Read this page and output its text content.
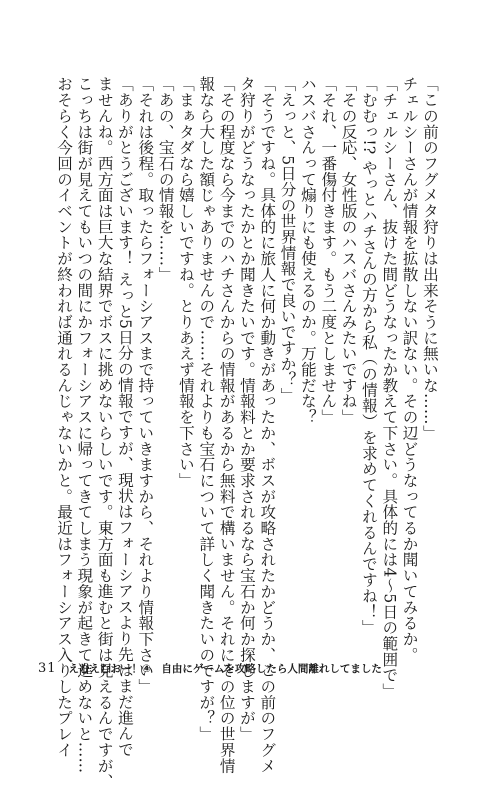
「この前のフグメタ狩りは出来そうに無いな……」
チェルシーさんが情報を拡散しない訳ない。その辺どうなってるか聞いてみるか。
「チェルシーさん、抜けた間どうなったか教えて下さい。具体的には4〜5日の範囲で」
「むむっ!? やっとハチさんの方から私（の情報）を求めてくれるんですね！」
「その反応、女性版のハスバさんみたいですね」
「それ、一番傷付きます。もう二度としません」
ハスバさんって煽りにも使えるのか。万能だな？
「えっと、5日分の世界情報で良いですか？」
「そうですね。具体的に旅人に何か動きがあったか、ボスが攻略されたかどうか、この前のフグメ
タ狩りがどうなったかとか聞きたいです。情報料とか要求されるなら宝石か何か探しますが」
「その程度なら今までのハチさんからの情報があるから無料で構いません。それにその位の世界情
報なら大した額じゃありませんので……それよりも宝石について詳しく聞きたいのですが？」
「まぁタダなら嬉しいですね。とりあえず情報を下さい」
「あの、宝石の情報を……」
「それは後程。取ったらフォーシアスまで持っていきますから、それより情報下さい」
「ありがとうございます！ えっと5日分の情報ですが、現状はフォーシアスより先はまだ進んで
ませんね。西方面は巨大な結界でボスに挑めないらしいです。東方面も進むと街は見えるんですが、
こっちは街が見えてもいつの間にかフォーシアスに帰ってきてしまう現象が起きて進めないと……
おそらく今回のイベントが終われば通れるんじゃないかと。最近はフォーシアス入りしたプレイ
31 えむえむおー！④　自由にゲームを攻略したら人間離れしてました
